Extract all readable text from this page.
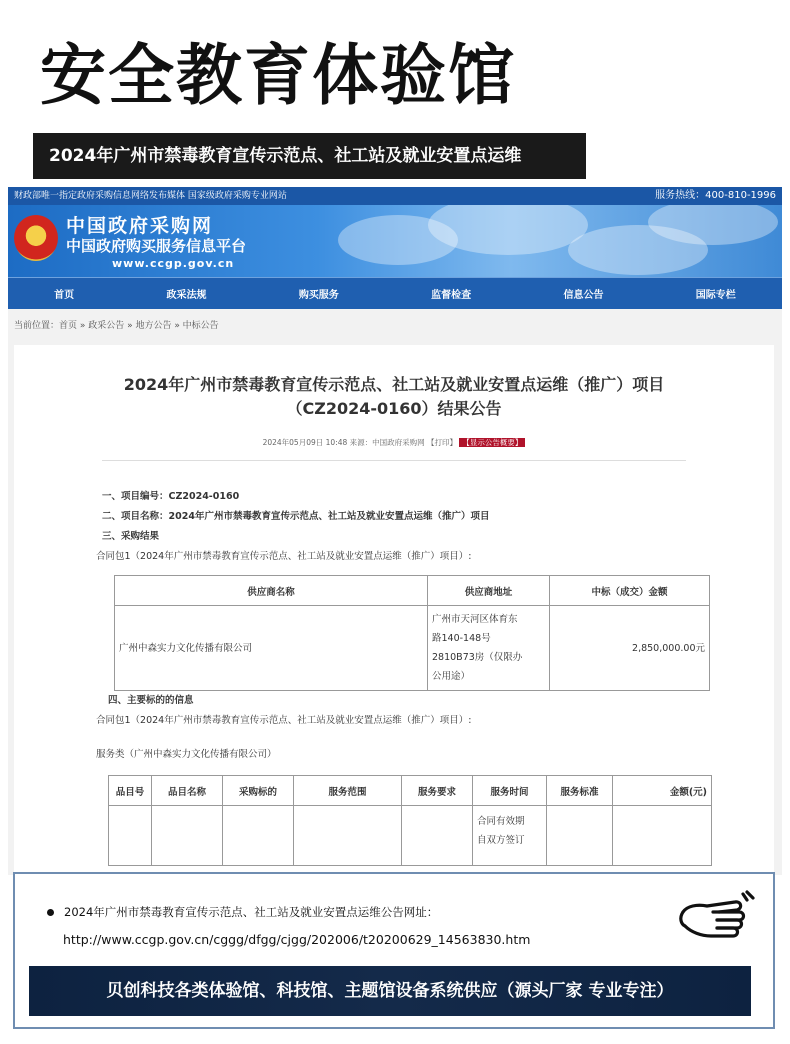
安全教育体验馆
2024年广州市禁毒教育宣传示范点、社工站及就业安置点运维
财政部唯一指定政府采购信息网络发布媒体 国家级政府采购专业网站	服务热线：400-810-1996
★ 中国政府采购网
中国政府购买服务信息平台
www.ccgp.gov.cn
首页	政采法规	购买服务	监督检查	信息公告	国际专栏
当前位置：首页 » 政采公告 » 地方公告 » 中标公告
2024年广州市禁毒教育宣传示范点、社工站及就业安置点运维（推广）项目
（CZ2024-0160）结果公告
2024年05月09日 10:48 来源：中国政府采购网 【打印】 【显示公告概要】

一、项目编号：CZ2024-0160

二、项目名称：2024年广州市禁毒教育宣传示范点、社工站及就业安置点运维（推广）项目

三、采购结果

合同包1（2024年广州市禁毒教育宣传示范点、社工站及就业安置点运维（推广）项目）:

供应商名称	供应商地址	中标（成交）金额
广州中森实力文化传播有限公司	广州市天河区体育东
路140-148号
2810B73房（仅限办
公用途）	2,850,000.00元

四、主要标的的信息

合同包1（2024年广州市禁毒教育宣传示范点、社工站及就业安置点运维（推广）项目）:

服务类（广州中森实力文化传播有限公司）

品目号	品目名称	采购标的	服务范围	服务要求	服务时间	服务标准	金额(元)

					合同有效期
自双方签订		

2024年广州市禁毒教育宣传示范点、社工站及就业安置点运维公告网址：
http://www.ccgp.gov.cn/cggg/dfgg/cjgg/202006/t20200629_14563830.htm
贝创科技各类体验馆、科技馆、主题馆设备系统供应（源头厂家 专业专注）
